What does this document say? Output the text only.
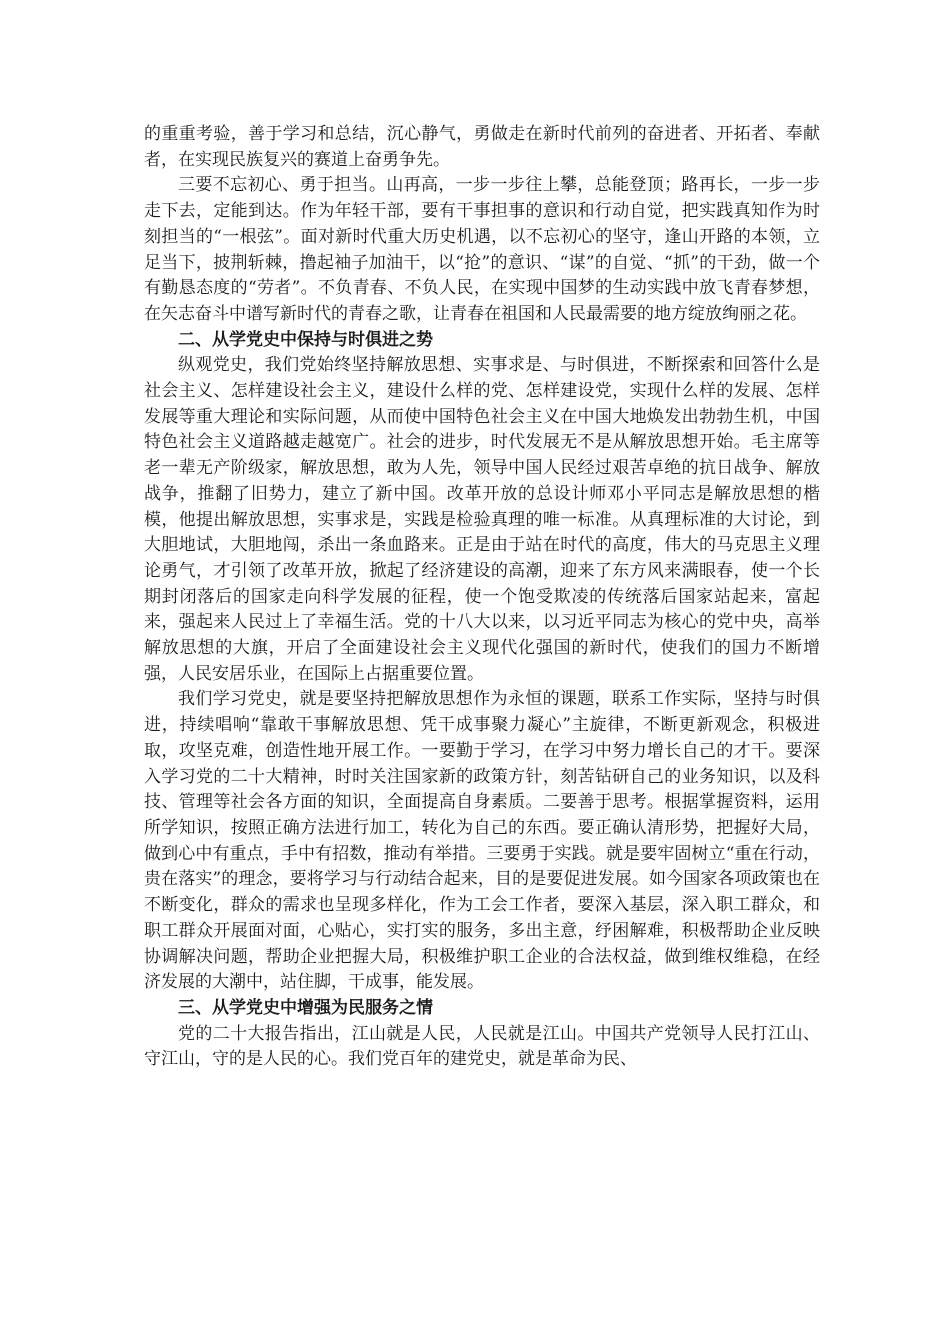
的重重考验，善于学习和总结，沉心静气，勇做走在新时代前列的奋进者、开拓者、奉献者，在实现民族复兴的赛道上奋勇争先。

三要不忘初心、勇于担当。山再高，一步一步往上攀，总能登顶；路再长，一步一步走下去，定能到达。作为年轻干部，要有干事担事的意识和行动自觉，把实践真知作为时刻担当的“一根弦”。面对新时代重大历史机遇，以不忘初心的坚守，逢山开路的本领，立足当下，披荆斩棘，撸起袖子加油干，以“抢”的意识、“谋”的自觉、“抓”的干劲，做一个有勤恳态度的“劳者”。不负青春、不负人民，在实现中国梦的生动实践中放飞青春梦想，在矢志奋斗中谱写新时代的青春之歌，让青春在祖国和人民最需要的地方绽放绚丽之花。

二、从学党史中保持与时俱进之势

纵观党史，我们党始终坚持解放思想、实事求是、与时俱进，不断探索和回答什么是社会主义、怎样建设社会主义，建设什么样的党、怎样建设党，实现什么样的发展、怎样发展等重大理论和实际问题，从而使中国特色社会主义在中国大地焕发出勃勃生机，中国特色社会主义道路越走越宽广。社会的进步，时代发展无不是从解放思想开始。毛主席等老一辈无产阶级家，解放思想，敢为人先，领导中国人民经过艰苦卓绝的抗日战争、解放战争，推翻了旧势力，建立了新中国。改革开放的总设计师邓小平同志是解放思想的楷模，他提出解放思想，实事求是，实践是检验真理的唯一标准。从真理标准的大讨论，到大胆地试，大胆地闯，杀出一条血路来。正是由于站在时代的高度，伟大的马克思主义理论勇气，才引领了改革开放，掀起了经济建设的高潮，迎来了东方风来满眼春，使一个长期封闭落后的国家走向科学发展的征程，使一个饱受欺凌的传统落后国家站起来，富起来，强起来人民过上了幸福生活。党的十八大以来，以习近平同志为核心的党中央，高举解放思想的大旗，开启了全面建设社会主义现代化强国的新时代，使我们的国力不断增强，人民安居乐业，在国际上占据重要位置。

我们学习党史，就是要坚持把解放思想作为永恒的课题，联系工作实际，坚持与时俱进，持续唱响“靠敢干事解放思想、凭干成事聚力凝心”主旋律，不断更新观念，积极进取，攻坚克难，创造性地开展工作。一要勤于学习，在学习中努力增长自己的才干。要深入学习党的二十大精神，时时关注国家新的政策方针，刻苦钻研自己的业务知识，以及科技、管理等社会各方面的知识，全面提高自身素质。二要善于思考。根据掌握资料，运用所学知识，按照正确方法进行加工，转化为自己的东西。要正确认清形势，把握好大局，做到心中有重点，手中有招数，推动有举措。三要勇于实践。就是要牢固树立“重在行动，贵在落实”的理念，要将学习与行动结合起来，目的是要促进发展。如今国家各项政策也在不断变化，群众的需求也呈现多样化，作为工会工作者，要深入基层，深入职工群众，和职工群众开展面对面，心贴心，实打实的服务，多出主意，纾困解难，积极帮助企业反映协调解决问题，帮助企业把握大局，积极维护职工企业的合法权益，做到维权维稳，在经济发展的大潮中，站住脚，干成事，能发展。

三、从学党史中增强为民服务之情

党的二十大报告指出，江山就是人民，人民就是江山。中国共产党领导人民打江山、守江山，守的是人民的心。我们党百年的建党史，就是革命为民、
